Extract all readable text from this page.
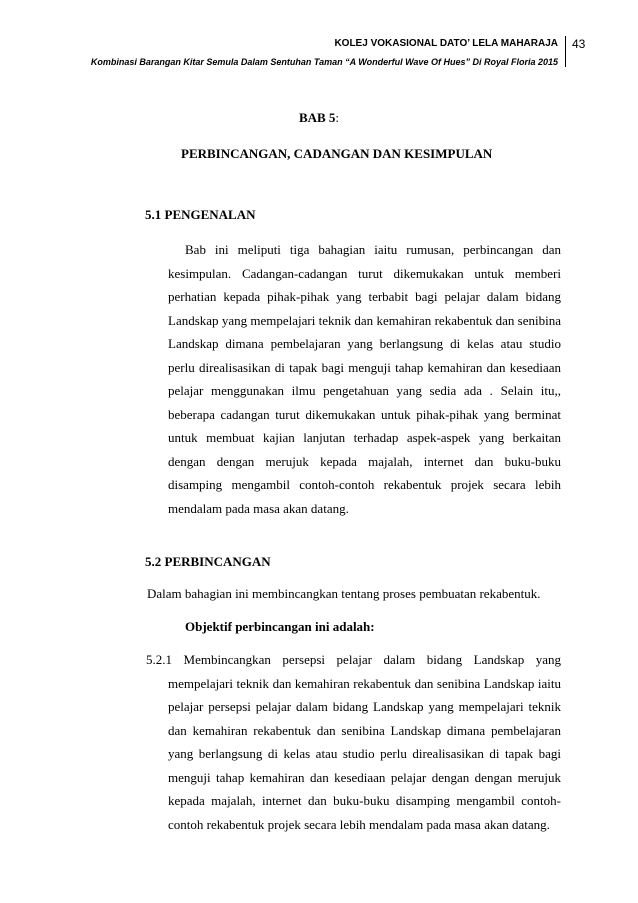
KOLEJ VOKASIONAL DATO’ LELA MAHARAJA
Kombinasi Barangan Kitar Semula Dalam Sentuhan Taman “A Wonderful Wave Of Hues” Di Royal Floria 2015
43
BAB 5:
PERBINCANGAN, CADANGAN DAN KESIMPULAN
5.1 PENGENALAN

Bab ini meliputi tiga bahagian iaitu rumusan, perbincangan dan kesimpulan. Cadangan-cadangan turut dikemukakan untuk memberi perhatian kepada pihak-pihak yang terbabit bagi pelajar dalam bidang Landskap yang mempelajari teknik dan kemahiran rekabentuk dan senibina Landskap dimana pembelajaran yang berlangsung di kelas atau studio perlu direalisasikan di tapak bagi menguji tahap kemahiran dan kesediaan pelajar menggunakan ilmu pengetahuan yang sedia ada . Selain itu,, beberapa cadangan turut dikemukakan untuk pihak-pihak yang berminat untuk membuat kajian lanjutan terhadap aspek-aspek yang berkaitan dengan dengan merujuk kepada majalah, internet dan buku-buku disamping mengambil contoh-contoh rekabentuk projek secara lebih mendalam pada masa akan datang.

5.2 PERBINCANGAN
Dalam bahagian ini membincangkan tentang proses pembuatan rekabentuk.
Objektif perbincangan ini adalah:

5.2.1 Membincangkan persepsi pelajar dalam bidang Landskap yang mempelajari teknik dan kemahiran rekabentuk dan senibina Landskap iaitu pelajar persepsi pelajar dalam bidang Landskap yang mempelajari teknik dan kemahiran rekabentuk dan senibina Landskap dimana pembelajaran yang berlangsung di kelas atau studio perlu direalisasikan di tapak bagi menguji tahap kemahiran dan kesediaan pelajar dengan dengan merujuk kepada majalah, internet dan buku-buku disamping mengambil contoh-contoh rekabentuk projek secara lebih mendalam pada masa akan datang.
